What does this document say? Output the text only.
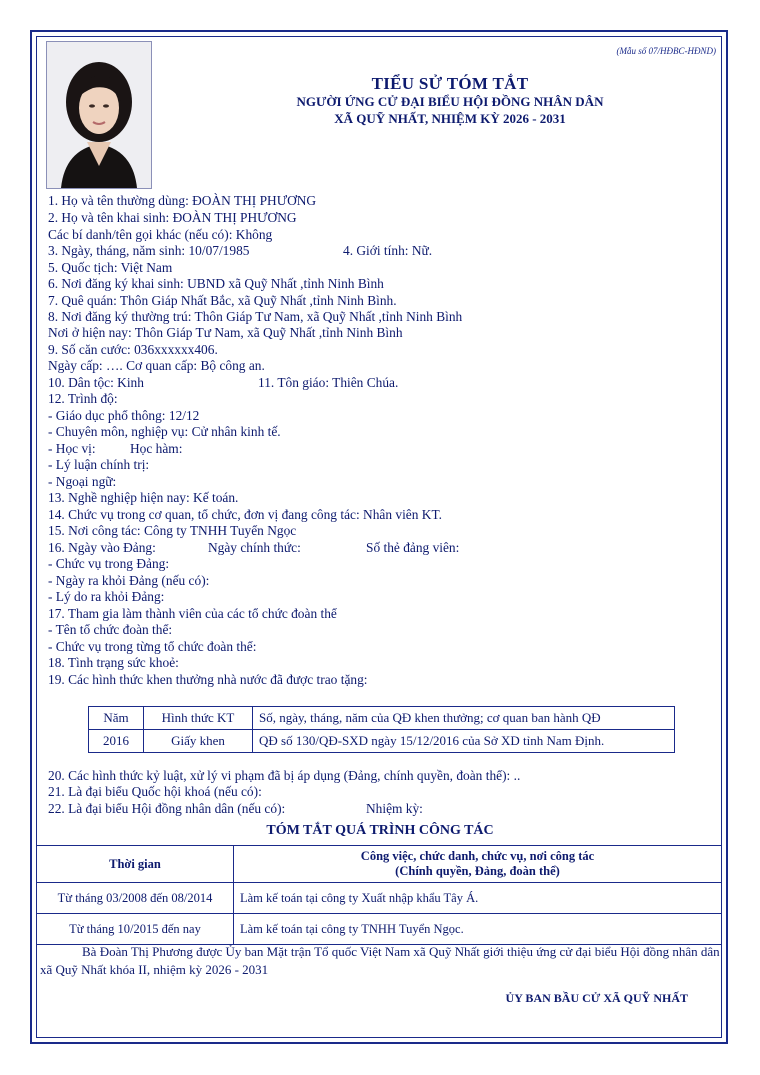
(Mẫu số 07/HĐBC-HĐND)
TIỂU SỬ TÓM TẮT
NGƯỜI ỨNG CỬ ĐẠI BIỂU HỘI ĐỒNG NHÂN DÂN
XÃ QUỸ NHẤT, NHIỆM KỲ 2026 - 2031
1. Họ và tên thường dùng: ĐOÀN THỊ PHƯƠNG
2. Họ và tên khai sinh: ĐOÀN THỊ PHƯƠNG
Các bí danh/tên gọi khác (nếu có): Không
3. Ngày, tháng, năm sinh: 10/07/1985	4. Giới tính: Nữ.
5. Quốc tịch: Việt Nam
6. Nơi đăng ký khai sinh: UBND xã Quỹ Nhất ,tỉnh Ninh Bình
7. Quê quán: Thôn Giáp Nhất Bắc, xã Quỹ Nhất ,tỉnh Ninh Bình.
8. Nơi đăng ký thường trú: Thôn Giáp Tư Nam, xã Quỹ Nhất ,tỉnh Ninh Bình
Nơi ở hiện nay: Thôn Giáp Tư Nam, xã Quỹ Nhất ,tỉnh Ninh Bình
9. Số căn cước: 036xxxxxx406.
Ngày cấp: …. Cơ quan cấp: Bộ công an.
10. Dân tộc: Kinh	11. Tôn giáo: Thiên Chúa.
12. Trình độ:
- Giáo dục phổ thông: 12/12
- Chuyên môn, nghiệp vụ: Cử nhân kinh tế.
- Học vị:	Học hàm:
- Lý luận chính trị:
- Ngoại ngữ:
13. Nghề nghiệp hiện nay: Kế toán.
14. Chức vụ trong cơ quan, tổ chức, đơn vị đang công tác: Nhân viên KT.
15. Nơi công tác: Công ty TNHH Tuyển Ngọc
16. Ngày vào Đảng:	Ngày chính thức:	Số thẻ đảng viên:
- Chức vụ trong Đảng:
- Ngày ra khỏi Đảng (nếu có):
- Lý do ra khỏi Đảng:
17. Tham gia làm thành viên của các tổ chức đoàn thể
- Tên tổ chức đoàn thể:
- Chức vụ trong từng tổ chức đoàn thể:
18. Tình trạng sức khoẻ:
19. Các hình thức khen thưởng nhà nước đã được trao tặng:
Năm	Hình thức KT	Số, ngày, tháng, năm của QĐ khen thưởng; cơ quan ban hành QĐ
2016	Giấy khen	QĐ số 130/QĐ-SXD ngày 15/12/2016 của Sở XD tỉnh Nam Định.
20. Các hình thức kỷ luật, xử lý vi phạm đã bị áp dụng (Đảng, chính quyền, đoàn thể): ..
21. Là đại biểu Quốc hội khoá (nếu có):
22. Là đại biểu Hội đồng nhân dân (nếu có):	Nhiệm kỳ:
TÓM TẮT QUÁ TRÌNH CÔNG TÁC
Thời gian	Công việc, chức danh, chức vụ, nơi công tác
(Chính quyền, Đảng, đoàn thể)

Từ tháng 03/2008 đến 08/2014	Làm kế toán tại công ty Xuất nhập khẩu Tây Á.
Từ tháng 10/2015 đến nay	Làm kế toán tại công ty TNHH Tuyển Ngọc.
Bà Đoàn Thị Phương được Ủy ban Mặt trận Tổ quốc Việt Nam xã Quỹ Nhất giới thiệu ứng cử đại biểu Hội đồng nhân dân xã Quỹ Nhất khóa II, nhiệm kỳ 2026 - 2031
ỦY BAN BẦU CỬ XÃ QUỸ NHẤT
